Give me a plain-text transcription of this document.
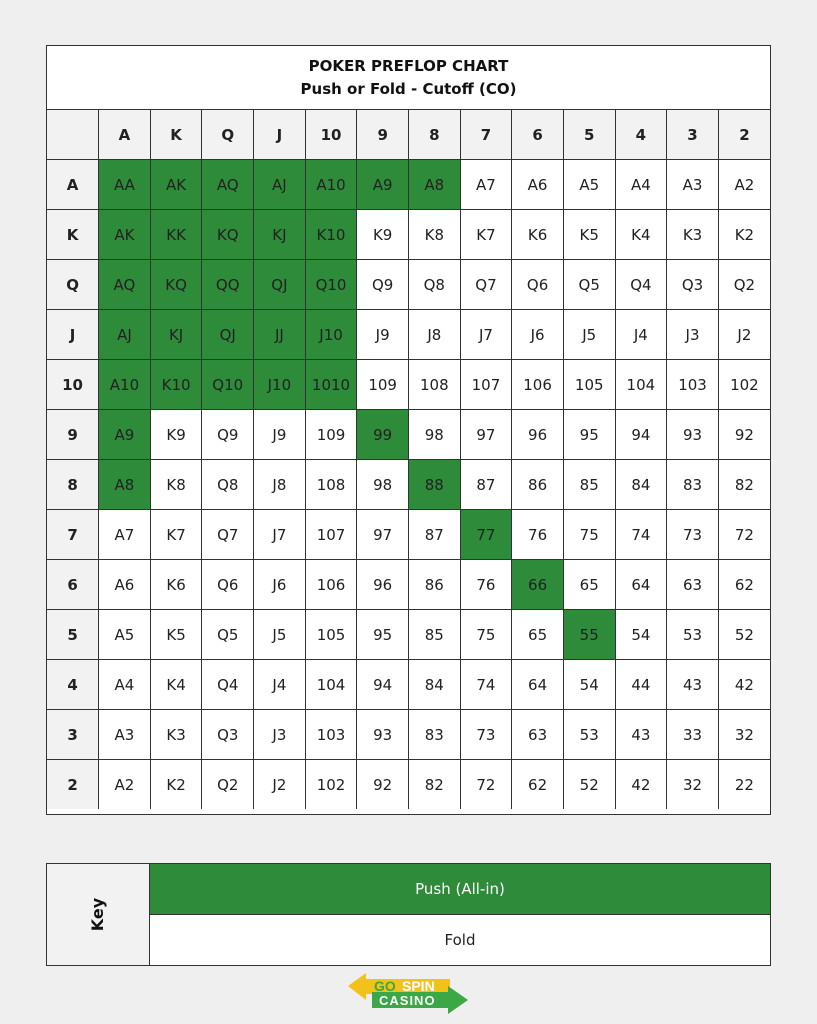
POKER PREFLOP CHART
Push or Fold - Cutoff (CO)
	A	K	Q	J	10	9	8	7	6	5	4	3	2
A	AA	AK	AQ	AJ	A10	A9	A8	A7	A6	A5	A4	A3	A2
K	AK	KK	KQ	KJ	K10	K9	K8	K7	K6	K5	K4	K3	K2
Q	AQ	KQ	QQ	QJ	Q10	Q9	Q8	Q7	Q6	Q5	Q4	Q3	Q2
J	AJ	KJ	QJ	JJ	J10	J9	J8	J7	J6	J5	J4	J3	J2
10	A10	K10	Q10	J10	1010	109	108	107	106	105	104	103	102
9	A9	K9	Q9	J9	109	99	98	97	96	95	94	93	92
8	A8	K8	Q8	J8	108	98	88	87	86	85	84	83	82
7	A7	K7	Q7	J7	107	97	87	77	76	75	74	73	72
6	A6	K6	Q6	J6	106	96	86	76	66	65	64	63	62
5	A5	K5	Q5	J5	105	95	85	75	65	55	54	53	52
4	A4	K4	Q4	J4	104	94	84	74	64	54	44	43	42
3	A3	K3	Q3	J3	103	93	83	73	63	53	43	33	32
2	A2	K2	Q2	J2	102	92	82	72	62	52	42	32	22
Key
Push (All-in)
Fold
GO SPIN
CASINO
